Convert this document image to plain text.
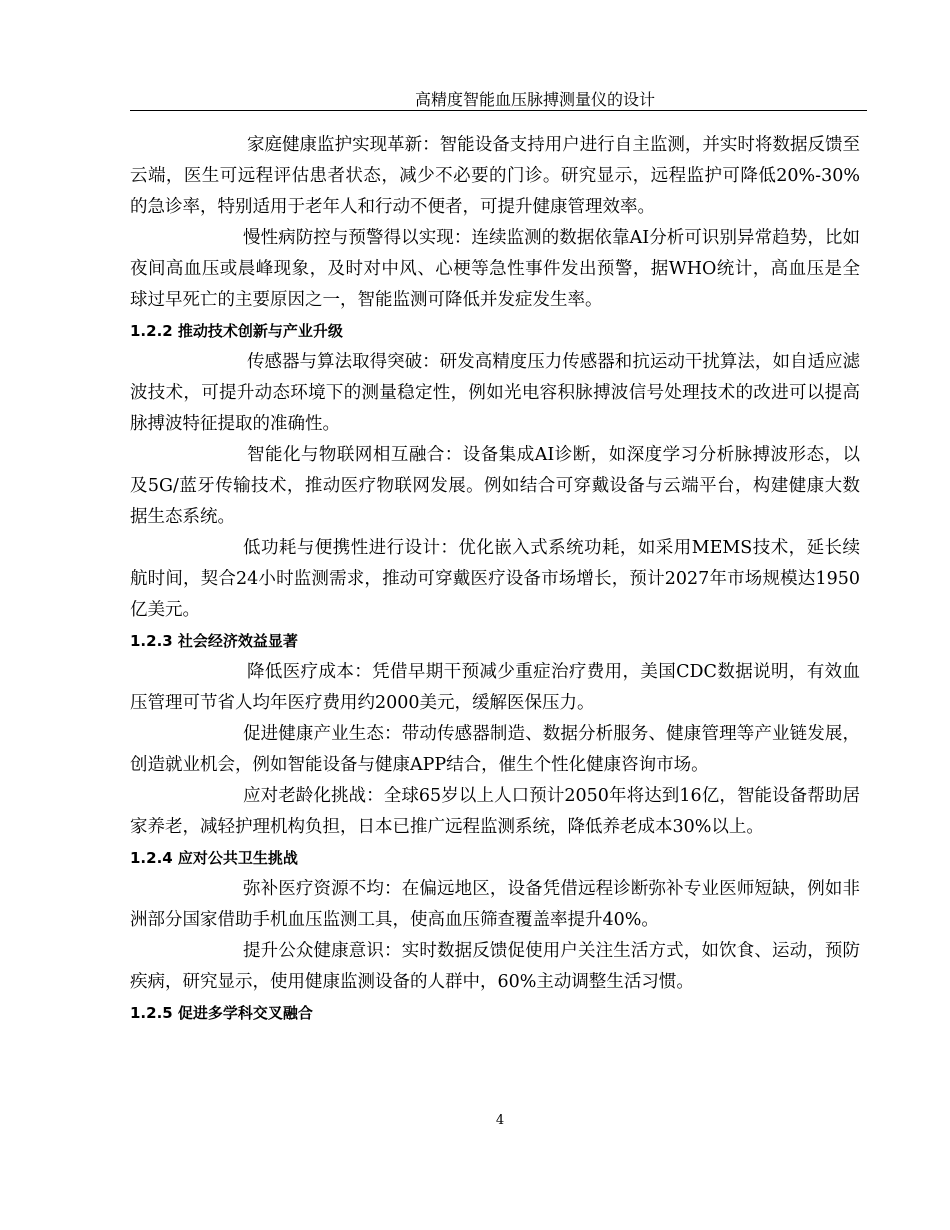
高精度智能血压脉搏测量仪的设计

家庭健康监护实现革新：智能设备支持用户进行自主监测，并实时将数据反馈至云端，医生可远程评估患者状态，减少不必要的门诊。研究显示，远程监护可降低20%-30%的急诊率，特别适用于老年人和行动不便者，可提升健康管理效率。

慢性病防控与预警得以实现：连续监测的数据依靠AI分析可识别异常趋势，比如夜间高血压或晨峰现象，及时对中风、心梗等急性事件发出预警，据WHO统计，高血压是全球过早死亡的主要原因之一，智能监测可降低并发症发生率。

1.2.2 推动技术创新与产业升级

传感器与算法取得突破：研发高精度压力传感器和抗运动干扰算法，如自适应滤波技术，可提升动态环境下的测量稳定性，例如光电容积脉搏波信号处理技术的改进可以提高脉搏波特征提取的准确性。

智能化与物联网相互融合：设备集成AI诊断，如深度学习分析脉搏波形态，以及5G/蓝牙传输技术，推动医疗物联网发展。例如结合可穿戴设备与云端平台，构建健康大数据生态系统。

低功耗与便携性进行设计：优化嵌入式系统功耗，如采用MEMS技术，延长续航时间，契合24小时监测需求，推动可穿戴医疗设备市场增长，预计2027年市场规模达1950亿美元。

1.2.3 社会经济效益显著

降低医疗成本：凭借早期干预减少重症治疗费用，美国CDC数据说明，有效血压管理可节省人均年医疗费用约2000美元，缓解医保压力。

促进健康产业生态：带动传感器制造、数据分析服务、健康管理等产业链发展，创造就业机会，例如智能设备与健康APP结合，催生个性化健康咨询市场。

应对老龄化挑战：全球65岁以上人口预计2050年将达到16亿，智能设备帮助居家养老，减轻护理机构负担，日本已推广远程监测系统，降低养老成本30%以上。

1.2.4 应对公共卫生挑战

弥补医疗资源不均：在偏远地区，设备凭借远程诊断弥补专业医师短缺，例如非洲部分国家借助手机血压监测工具，使高血压筛查覆盖率提升40%。

提升公众健康意识：实时数据反馈促使用户关注生活方式，如饮食、运动，预防疾病，研究显示，使用健康监测设备的人群中，60%主动调整生活习惯。

1.2.5 促进多学科交叉融合

4
